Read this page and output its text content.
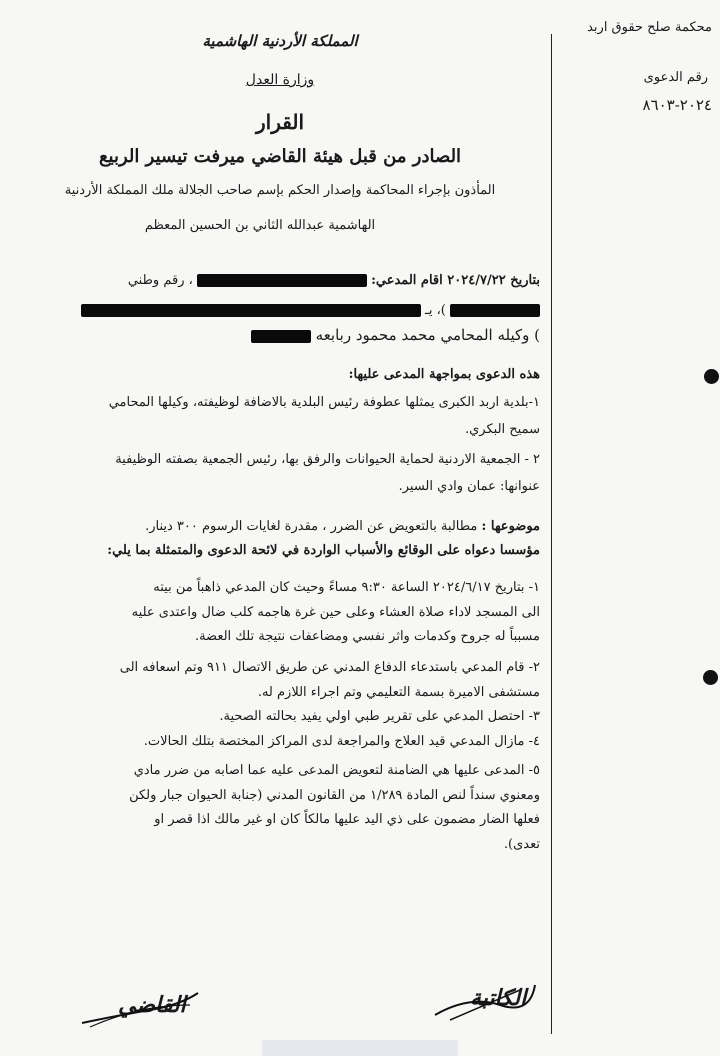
محكمة صلح حقوق اربد
رقم الدعوى
٢٠٢٤-٨٦٠٣
المملكة الأردنية الهاشمية
وزارة العدل
القرار
الصادر من قبل هيئة القاضي ميرفت تيسير الربيع
المأذون بإجراء المحاكمة وإصدار الحكم بإسم صاحب الجلالة ملك المملكة الأردنية
الهاشمية عبدالله الثاني بن الحسين المعظم
بتاريخ ٢٠٢٤/٧/٢٢ اقام المدعي:  ، رقم وطني
)، يـ
) وكيله المحامي محمد محمود ربابعه
هذه الدعوى بمواجهة المدعى عليها:
١-بلدية اربد الكبرى يمثلها عطوفة رئيس البلدية بالاضافة لوظيفته، وكيلها المحامي
سميح البكري.
٢ - الجمعية الاردنية لحماية الحيوانات والرفق بها، رئيس الجمعية بصفته الوظيفية
عنوانها: عمان وادي السير.
موضوعها : مطالبة بالتعويض عن الضرر ، مقدرة لغايات الرسوم ٣٠٠ دينار.
مؤسسا دعواه على الوقائع والأسباب الواردة في لائحة الدعوى والمتمثلة بما يلي:
١- بتاريخ ٢٠٢٤/٦/١٧ الساعة ٩:٣٠ مساءً وحيث كان المدعي ذاهباً من بيته
الى المسجد لاداء صلاة العشاء وعلى حين غرة هاجمه كلب ضال واعتدى عليه
مسبباً له جروح وكدمات واثر نفسي ومضاعفات نتيجة تلك العضة.
٢- قام المدعي باستدعاء الدفاع المدني عن طريق الاتصال ٩١١ وتم اسعافه الى
مستشفى الاميرة بسمة التعليمي وتم اجراء اللازم له.
٣- احتصل المدعي على تقرير طبي اولي يفيد بحالته الصحية.
٤- مازال المدعي قيد العلاج والمراجعة لدى المراكز المختصة بتلك الحالات.
٥- المدعى عليها هي الضامنة لتعويض المدعى عليه عما اصابه من ضرر مادي
ومعنوي سنداً لنص المادة ١/٢٨٩ من القانون المدني (جنابة الحيوان جبار ولكن
فعلها الضار مضمون على ذي اليد عليها مالكاً كان او غير مالك اذا قصر او
تعدى).
الكاتبة
القاضي
